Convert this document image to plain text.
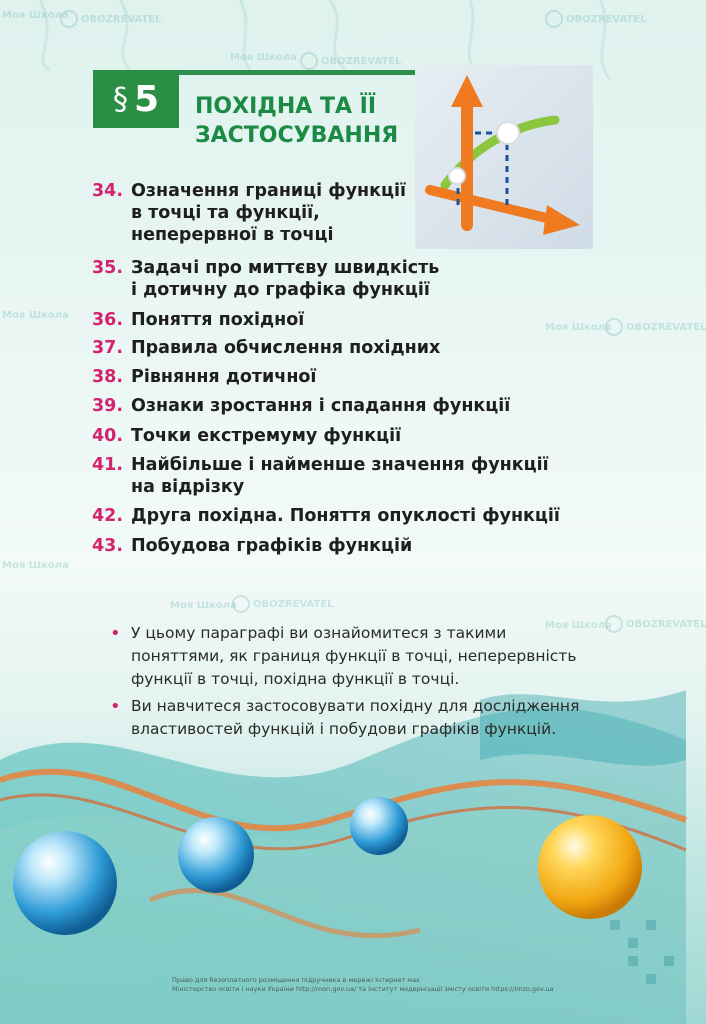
Моя Школа	OBOZREVATEL
Моя Школа	OBOZREVATEL
OBOZREVATEL
Моя Школа
Моя Школа	OBOZREVATEL
Моя Школа
Моя Школа	OBOZREVATEL
Моя Школа	OBOZREVATEL
§ 5 ПОХІДНА ТА ЇЇ
ЗАСТОСУВАННЯ
34. Означення границі функції
в точці та функції,
неперервної в точці
35. Задачі про миттєву швидкість
і дотичну до графіка функції
36. Поняття похідної
37. Правила обчислення похідних
38. Рівняння дотичної
39. Ознаки зростання і спадання функції
40. Точки екстремуму функції
41. Найбільше і найменше значення функції
на відрізку
42. Друга похідна. Поняття опуклості функції
43. Побудова графіків функцій
• У цьому параграфі ви ознайомитеся з такими
поняттями, як границя функції в точці, неперервність
функції в точці, похідна функції в точці.
• Ви навчитеся застосовувати похідну для дослідження
властивостей функцій і побудови графіків функцій.
Право для безоплатного розміщення підручника в мережі Інтернет має
Міністерство освіти і науки України http://mon.gov.ua/ та Інститут модернізації змісту освіти https://imzo.gov.ua
